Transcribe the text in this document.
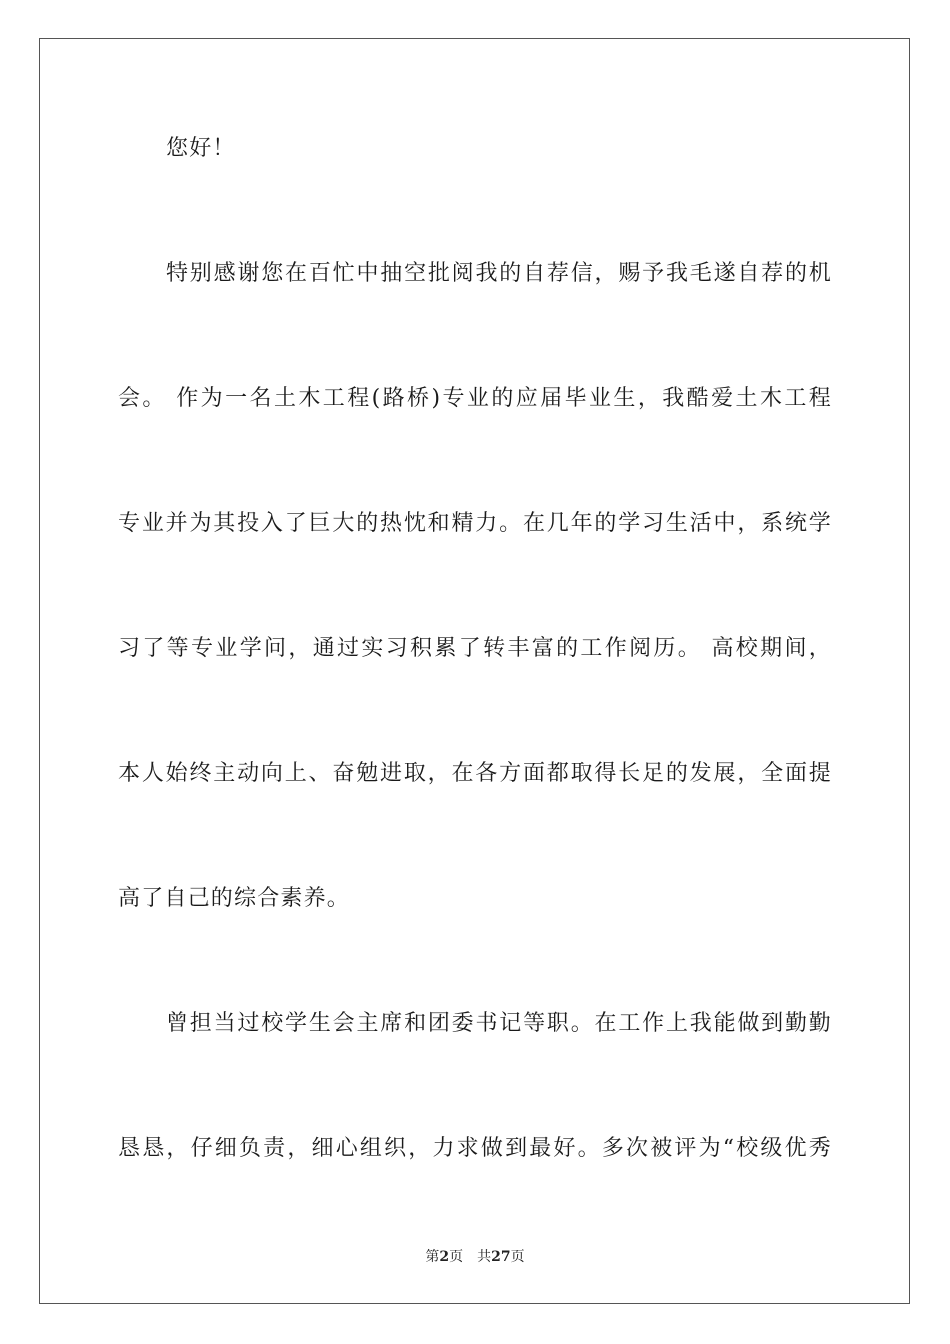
您好！
特别感谢您在百忙中抽空批阅我的自荐信，赐予我毛遂自荐的机
会。 作为一名土木工程(路桥)专业的应届毕业生，我酷爱土木工程
专业并为其投入了巨大的热忱和精力。在几年的学习生活中，系统学
习了等专业学问，通过实习积累了转丰富的工作阅历。 高校期间，
本人始终主动向上、奋勉进取，在各方面都取得长足的发展，全面提
高了自己的综合素养。
曾担当过校学生会主席和团委书记等职。在工作上我能做到勤勤
恳恳，仔细负责，细心组织，力求做到最好。多次被评为“校级优秀
第2页 共27页
